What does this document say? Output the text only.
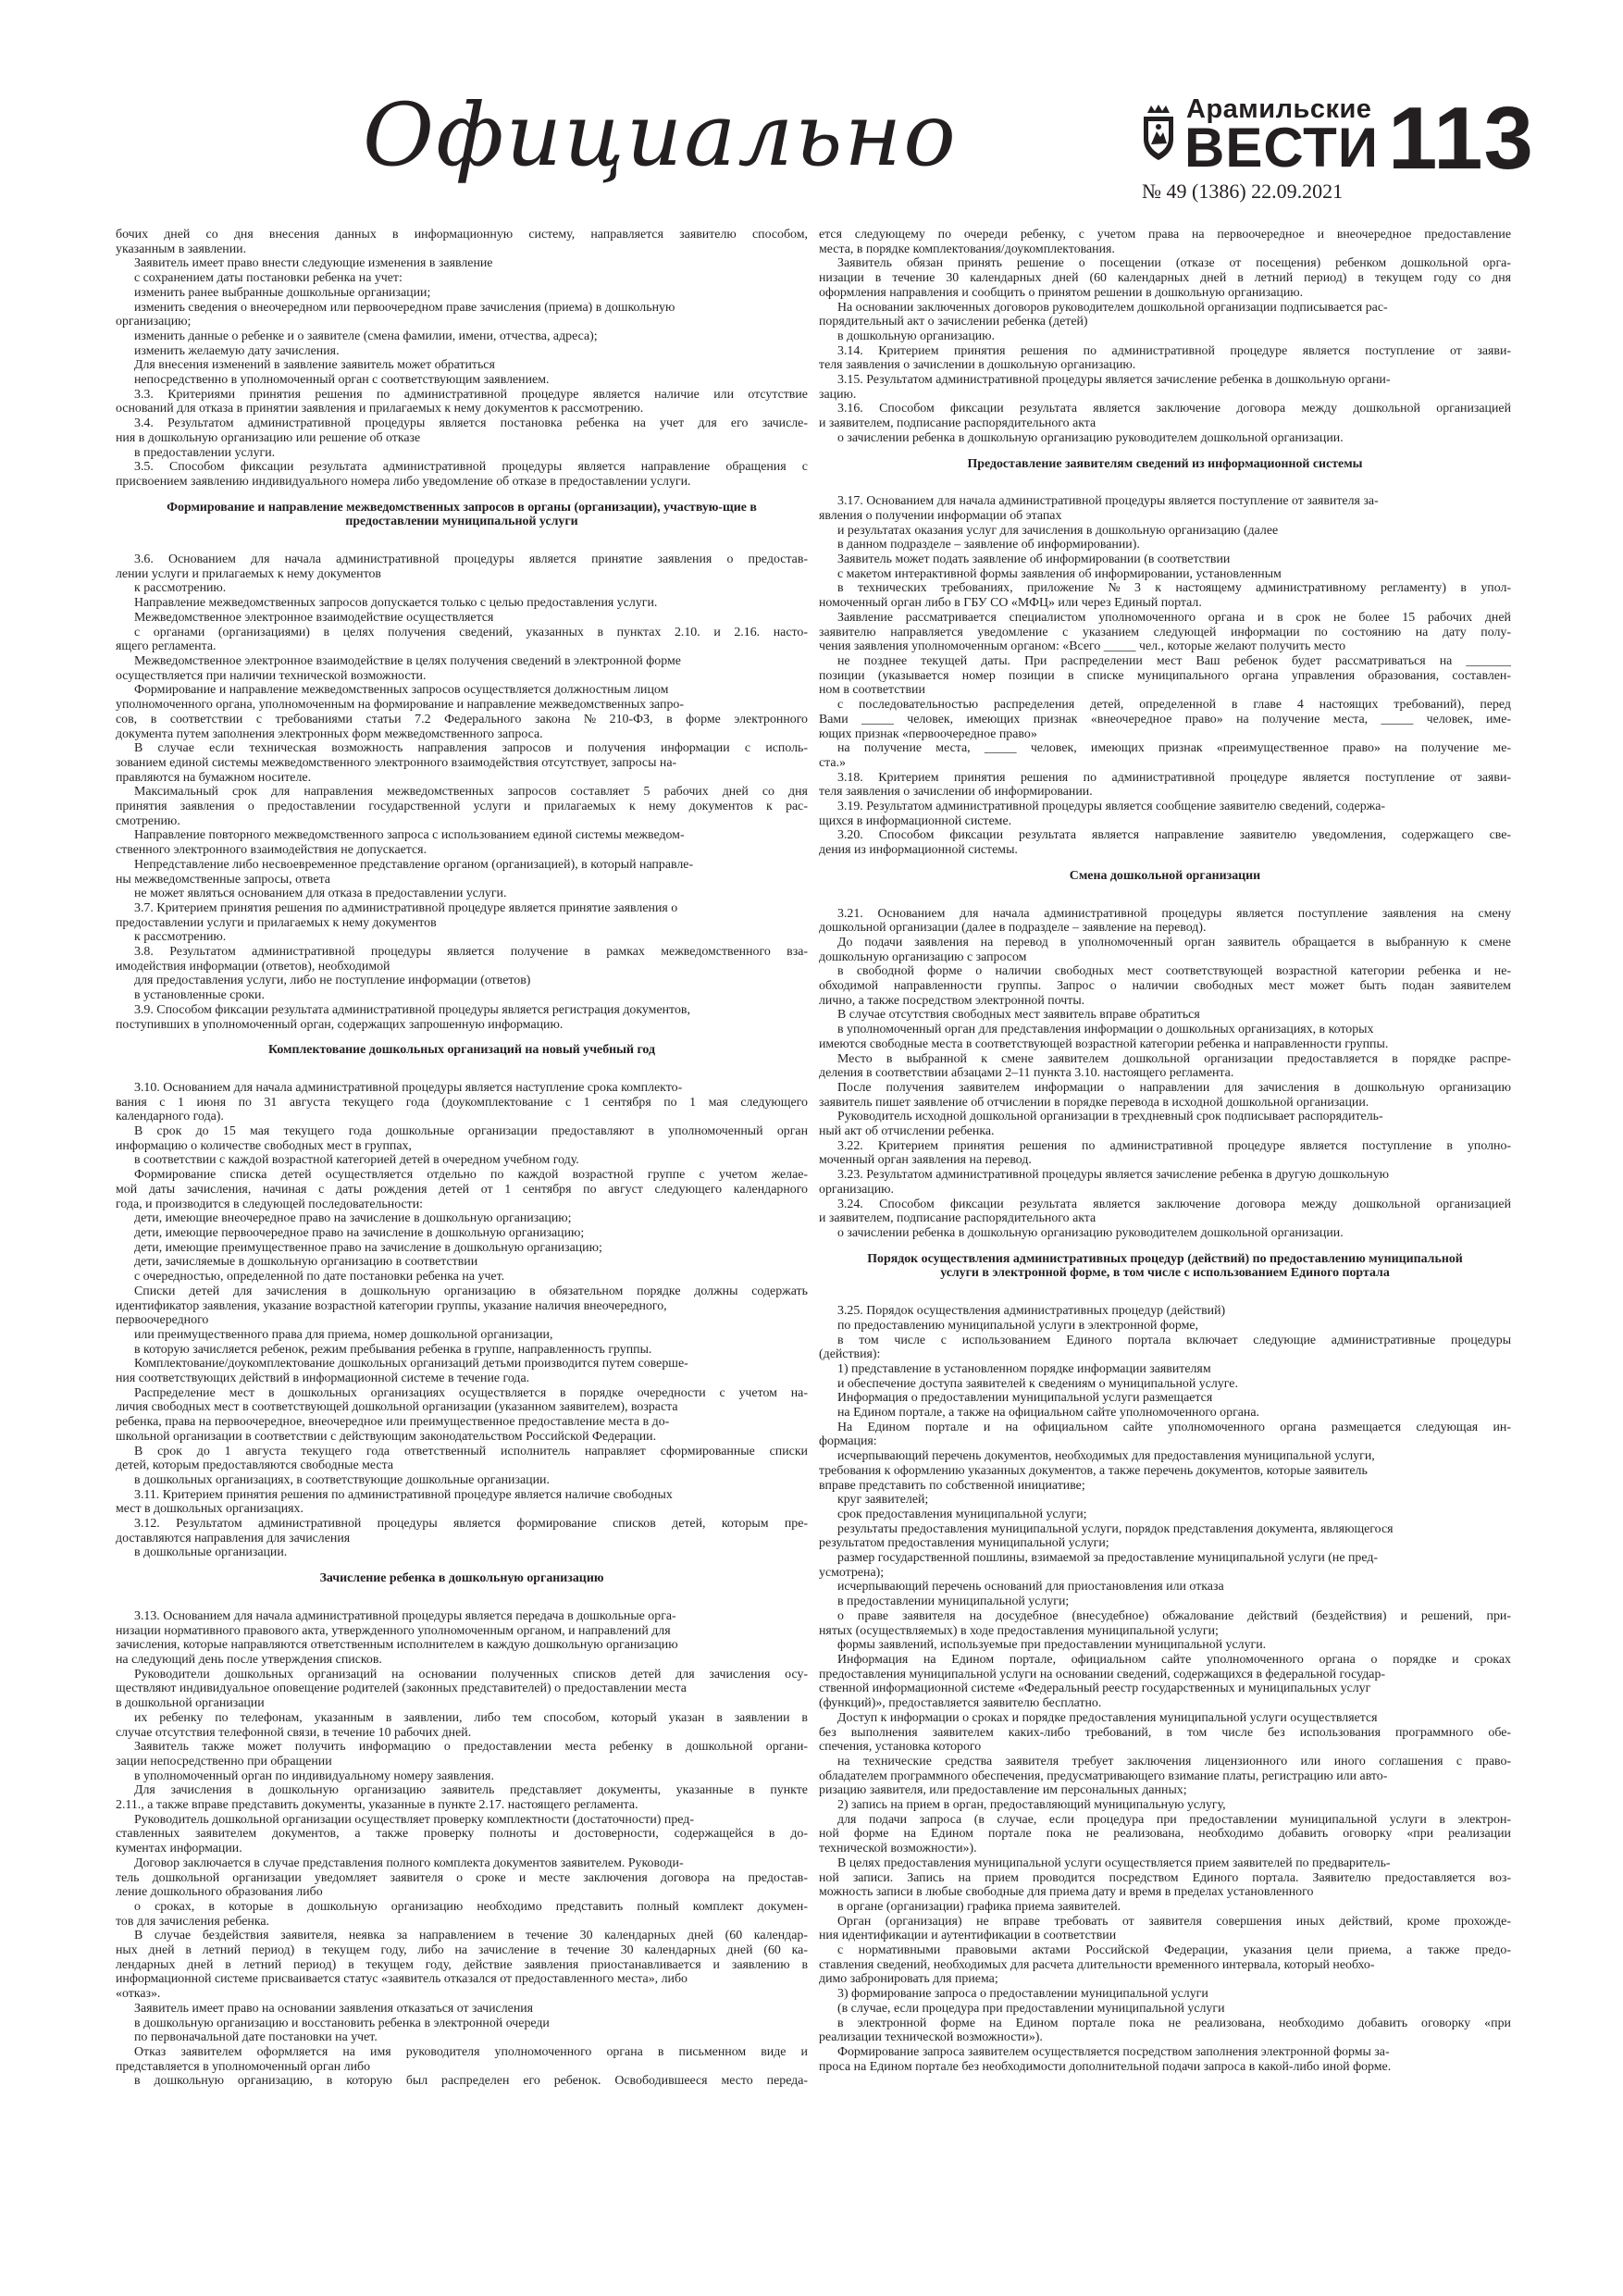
Официально	Арамильские
ВЕСТИ 113
№ 49 (1386) 22.09.2021

бочих дней со дня внесения данных в информационную систему, направляется заявителю способом,

указанным в заявлении.

Заявитель имеет право внести следующие изменения в заявление

с сохранением даты постановки ребенка на учет:

изменить ранее выбранные дошкольные организации;

изменить сведения о внеочередном или первоочередном праве зачисления (приема) в дошкольную

организацию;

изменить данные о ребенке и о заявителе (смена фамилии, имени, отчества, адреса);

изменить желаемую дату зачисления.

Для внесения изменений в заявление заявитель может обратиться

непосредственно в уполномоченный орган с соответствующим заявлением.

3.3. Критериями принятия решения по административной процедуре является наличие или отсутствие

оснований для отказа в принятии заявления и прилагаемых к нему документов к рассмотрению.

3.4. Результатом административной процедуры является постановка ребенка на учет для его зачисле-

ния в дошкольную организацию или решение об отказе

в предоставлении услуги.

3.5. Способом фиксации результата административной процедуры является направление обращения с

присвоением заявлению индивидуального номера либо уведомление об отказе в предоставлении услуги.

Формирование и направление межведомственных запросов в органы (организации), участвую-щие в предоставлении муниципальной услуги

3.6. Основанием для начала административной процедуры является принятие заявления о предостав-

лении услуги и прилагаемых к нему документов

к рассмотрению.

Направление межведомственных запросов допускается только с целью предоставления услуги.

Межведомственное электронное взаимодействие осуществляется

с органами (организациями) в целях получения сведений, указанных в пунктах 2.10. и 2.16. насто-

ящего регламента.

Межведомственное электронное взаимодействие в целях получения сведений в электронной форме

осуществляется при наличии технической возможности.

Формирование и направление межведомственных запросов осуществляется должностным лицом

уполномоченного органа, уполномоченным на формирование и направление межведомственных запро-

сов, в соответствии с требованиями статьи 7.2 Федерального закона № 210-ФЗ, в форме электронного

документа путем заполнения электронных форм межведомственного запроса.

В случае если техническая возможность направления запросов и получения информации с исполь-

зованием единой системы межведомственного электронного взаимодействия отсутствует, запросы на-

правляются на бумажном носителе.

Максимальный срок для направления межведомственных запросов составляет 5 рабочих дней со дня

принятия заявления о предоставлении государственной услуги и прилагаемых к нему документов к рас-

смотрению.

Направление повторного межведомственного запроса с использованием единой системы межведом-

ственного электронного взаимодействия не допускается.

Непредставление либо несвоевременное представление органом (организацией), в который направле-

ны межведомственные запросы, ответа

не может являться основанием для отказа в предоставлении услуги.

3.7. Критерием принятия решения по административной процедуре является принятие заявления о

предоставлении услуги и прилагаемых к нему документов

к рассмотрению.

3.8. Результатом административной процедуры является получение в рамках межведомственного вза-

имодействия информации (ответов), необходимой

для предоставления услуги, либо не поступление информации (ответов)

в установленные сроки.

3.9. Способом фиксации результата административной процедуры является регистрация документов,

поступивших в уполномоченный орган, содержащих запрошенную информацию.

Комплектование дошкольных организаций на новый учебный год

3.10. Основанием для начала административной процедуры является наступление срока комплекто-

вания с 1 июня по 31 августа текущего года (доукомплектование с 1 сентября по 1 мая следующего

календарного года).

В срок до 15 мая текущего года дошкольные организации предоставляют в уполномоченный орган

информацию о количестве свободных мест в группах,

в соответствии с каждой возрастной категорией детей в очередном учебном году.

Формирование списка детей осуществляется отдельно по каждой возрастной группе с учетом желае-

мой даты зачисления, начиная с даты рождения детей от 1 сентября по август следующего календарного

года, и производится в следующей последовательности:

дети, имеющие внеочередное право на зачисление в дошкольную организацию;

дети, имеющие первоочередное право на зачисление в дошкольную организацию;

дети, имеющие преимущественное право на зачисление в дошкольную организацию;

дети, зачисляемые в дошкольную организацию в соответствии

с очередностью, определенной по дате постановки ребенка на учет.

Списки детей для зачисления в дошкольную организацию в обязательном порядке должны содержать

идентификатор заявления, указание возрастной категории группы, указание наличия внеочередного,

первоочередного

или преимущественного права для приема, номер дошкольной организации,

в которую зачисляется ребенок, режим пребывания ребенка в группе, направленность группы.

Комплектование/доукомплектование дошкольных организаций детьми производится путем соверше-

ния соответствующих действий в информационной системе в течение года.

Распределение мест в дошкольных организациях осуществляется в порядке очередности с учетом на-

личия свободных мест в соответствующей дошкольной организации (указанном заявителем), возраста

ребенка, права на первоочередное, внеочередное или преимущественное предоставление места в до-

школьной организации в соответствии с действующим законодательством Российской Федерации.

В срок до 1 августа текущего года ответственный исполнитель направляет сформированные списки

детей, которым предоставляются свободные места

в дошкольных организациях, в соответствующие дошкольные организации.

3.11. Критерием принятия решения по административной процедуре является наличие свободных

мест в дошкольных организациях.

3.12. Результатом административной процедуры является формирование списков детей, которым пре-

доставляются направления для зачисления

в дошкольные организации.

Зачисление ребенка в дошкольную организацию

3.13. Основанием для начала административной процедуры является передача в дошкольные орга-

низации нормативного правового акта, утвержденного уполномоченным органом, и направлений для

зачисления, которые направляются ответственным исполнителем в каждую дошкольную организацию

на следующий день после утверждения списков.

Руководители дошкольных организаций на основании полученных списков детей для зачисления осу-

ществляют индивидуальное оповещение родителей (законных представителей) о предоставлении места

в дошкольной организации

их ребенку по телефонам, указанным в заявлении, либо тем способом, который указан в заявлении в

случае отсутствия телефонной связи, в течение 10 рабочих дней.

Заявитель также может получить информацию о предоставлении места ребенку в дошкольной органи-

зации непосредственно при обращении

в уполномоченный орган по индивидуальному номеру заявления.

Для зачисления в дошкольную организацию заявитель представляет документы, указанные в пункте

2.11., а также вправе представить документы, указанные в пункте 2.17. настоящего регламента.

Руководитель дошкольной организации осуществляет проверку комплектности (достаточности) пред-

ставленных заявителем документов, а также проверку полноты и достоверности, содержащейся в до-

кументах информации.

Договор заключается в случае представления полного комплекта документов заявителем. Руководи-

тель дошкольной организации уведомляет заявителя о сроке и месте заключения договора на предостав-

ление дошкольного образования либо

о сроках, в которые в дошкольную организацию необходимо представить полный комплект докумен-

тов для зачисления ребенка.

В случае бездействия заявителя, неявка за направлением в течение 30 календарных дней (60 календар-

ных дней в летний период) в текущем году, либо на зачисление в течение 30 календарных дней (60 ка-

лендарных дней в летний период) в текущем году, действие заявления приостанавливается и заявлению в

информационной системе присваивается статус «заявитель отказался от предоставленного места», либо

«отказ».

Заявитель имеет право на основании заявления отказаться от зачисления

в дошкольную организацию и восстановить ребенка в электронной очереди

по первоначальной дате постановки на учет.

Отказ заявителем оформляется на имя руководителя уполномоченного органа в письменном виде и

представляется в уполномоченный орган либо

в дошкольную организацию, в которую был распределен его ребенок. Освободившееся место переда-

ется следующему по очереди ребенку, с учетом права на первоочередное и внеочередное предоставление

места, в порядке комплектования/доукомплектования.

Заявитель обязан принять решение о посещении (отказе от посещения) ребенком дошкольной орга-

низации в течение 30 календарных дней (60 календарных дней в летний период) в текущем году со дня

оформления направления и сообщить о принятом решении в дошкольную организацию.

На основании заключенных договоров руководителем дошкольной организации подписывается рас-

порядительный акт о зачислении ребенка (детей)

в дошкольную организацию.

3.14. Критерием принятия решения по административной процедуре является поступление от заяви-

теля заявления о зачислении в дошкольную организацию.

3.15. Результатом административной процедуры является зачисление ребенка в дошкольную органи-

зацию.

3.16. Способом фиксации результата является заключение договора между дошкольной организацией

и заявителем, подписание распорядительного акта

о зачислении ребенка в дошкольную организацию руководителем дошкольной организации.

Предоставление заявителям сведений из информационной системы

3.17. Основанием для начала административной процедуры является поступление от заявителя за-

явления о получении информации об этапах

и результатах оказания услуг для зачисления в дошкольную организацию (далее

в данном подразделе – заявление об информировании).

Заявитель может подать заявление об информировании (в соответствии

с макетом интерактивной формы заявления об информировании, установленным

в технических требованиях, приложение № 3 к настоящему административному регламенту) в упол-

номоченный орган либо в ГБУ СО «МФЦ» или через Единый портал.

Заявление рассматривается специалистом уполномоченного органа и в срок не более 15 рабочих дней

заявителю направляется уведомление с указанием следующей информации по состоянию на дату полу-

чения заявления уполномоченным органом: «Всего _____ чел., которые желают получить место

не позднее текущей даты. При распределении мест Ваш ребенок будет рассматриваться на _______

позиции (указывается номер позиции в списке муниципального органа управления образования, составлен-

ном в соответствии

с последовательностью распределения детей, определенной в главе 4 настоящих требований), перед

Вами _____ человек, имеющих признак «внеочередное право» на получение места, _____ человек, име-

ющих признак «первоочередное право»

на получение места, _____ человек, имеющих признак «преимущественное право» на получение ме-

ста.»

3.18. Критерием принятия решения по административной процедуре является поступление от заяви-

теля заявления о зачислении об информировании.

3.19. Результатом административной процедуры является сообщение заявителю сведений, содержа-

щихся в информационной системе.

3.20. Способом фиксации результата является направление заявителю уведомления, содержащего све-

дения из информационной системы.

Смена дошкольной организации

3.21. Основанием для начала административной процедуры является поступление заявления на смену

дошкольной организации (далее в подразделе – заявление на перевод).

До подачи заявления на перевод в уполномоченный орган заявитель обращается в выбранную к смене

дошкольную организацию с запросом

в свободной форме о наличии свободных мест соответствующей возрастной категории ребенка и не-

обходимой направленности группы. Запрос о наличии свободных мест может быть подан заявителем

лично, а также посредством электронной почты.

В случае отсутствия свободных мест заявитель вправе обратиться

в уполномоченный орган для представления информации о дошкольных организациях, в которых

имеются свободные места в соответствующей возрастной категории ребенка и направленности группы.

Место в выбранной к смене заявителем дошкольной организации предоставляется в порядке распре-

деления в соответствии абзацами 2–11 пункта 3.10. настоящего регламента.

После получения заявителем информации о направлении для зачисления в дошкольную организацию

заявитель пишет заявление об отчислении в порядке перевода в исходной дошкольной организации.

Руководитель исходной дошкольной организации в трехдневный срок подписывает распорядитель-

ный акт об отчислении ребенка.

3.22. Критерием принятия решения по административной процедуре является поступление в уполно-

моченный орган заявления на перевод.

3.23. Результатом административной процедуры является зачисление ребенка в другую дошкольную

организацию.

3.24. Способом фиксации результата является заключение договора между дошкольной организацией

и заявителем, подписание распорядительного акта

о зачислении ребенка в дошкольную организацию руководителем дошкольной организации.

Порядок осуществления административных процедур (действий) по предоставлению муниципальной услуги в электронной форме, в том числе с использованием Единого портала

3.25. Порядок осуществления административных процедур (действий)

по предоставлению муниципальной услуги в электронной форме,

в том числе с использованием Единого портала включает следующие административные процедуры

(действия):

1) представление в установленном порядке информации заявителям

и обеспечение доступа заявителей к сведениям о муниципальной услуге.

Информация о предоставлении муниципальной услуги размещается

на Едином портале, а также на официальном сайте уполномоченного органа.

На Едином портале и на официальном сайте уполномоченного органа размещается следующая ин-

формация:

исчерпывающий перечень документов, необходимых для предоставления муниципальной услуги,

требования к оформлению указанных документов, а также перечень документов, которые заявитель

вправе представить по собственной инициативе;

круг заявителей;

срок предоставления муниципальной услуги;

результаты предоставления муниципальной услуги, порядок представления документа, являющегося

результатом предоставления муниципальной услуги;

размер государственной пошлины, взимаемой за предоставление муниципальной услуги (не пред-

усмотрена);

исчерпывающий перечень оснований для приостановления или отказа

в предоставлении муниципальной услуги;

о праве заявителя на досудебное (внесудебное) обжалование действий (бездействия) и решений, при-

нятых (осуществляемых) в ходе предоставления муниципальной услуги;

формы заявлений, используемые при предоставлении муниципальной услуги.

Информация на Едином портале, официальном сайте уполномоченного органа о порядке и сроках

предоставления муниципальной услуги на основании сведений, содержащихся в федеральной государ-

ственной информационной системе «Федеральный реестр государственных и муниципальных услуг

(функций)», предоставляется заявителю бесплатно.

Доступ к информации о сроках и порядке предоставления муниципальной услуги осуществляется

без выполнения заявителем каких-либо требований, в том числе без использования программного обе-

спечения, установка которого

на технические средства заявителя требует заключения лицензионного или иного соглашения с право-

обладателем программного обеспечения, предусматривающего взимание платы, регистрацию или авто-

ризацию заявителя, или предоставление им персональных данных;

2) запись на прием в орган, предоставляющий муниципальную услугу,

для подачи запроса (в случае, если процедура при предоставлении муниципальной услуги в электрон-

ной форме на Едином портале пока не реализована, необходимо добавить оговорку «при реализации

технической возможности»).

В целях предоставления муниципальной услуги осуществляется прием заявителей по предваритель-

ной записи. Запись на прием проводится посредством Единого портала. Заявителю предоставляется воз-

можность записи в любые свободные для приема дату и время в пределах установленного

в органе (организации) графика приема заявителей.

Орган (организация) не вправе требовать от заявителя совершения иных действий, кроме прохожде-

ния идентификации и аутентификации в соответствии

с нормативными правовыми актами Российской Федерации, указания цели приема, а также предо-

ставления сведений, необходимых для расчета длительности временного интервала, который необхо-

димо забронировать для приема;

3) формирование запроса о предоставлении муниципальной услуги

(в случае, если процедура при предоставлении муниципальной услуги

в электронной форме на Едином портале пока не реализована, необходимо добавить оговорку «при

реализации технической возможности»).

Формирование запроса заявителем осуществляется посредством заполнения электронной формы за-

проса на Едином портале без необходимости дополнительной подачи запроса в какой-либо иной форме.
